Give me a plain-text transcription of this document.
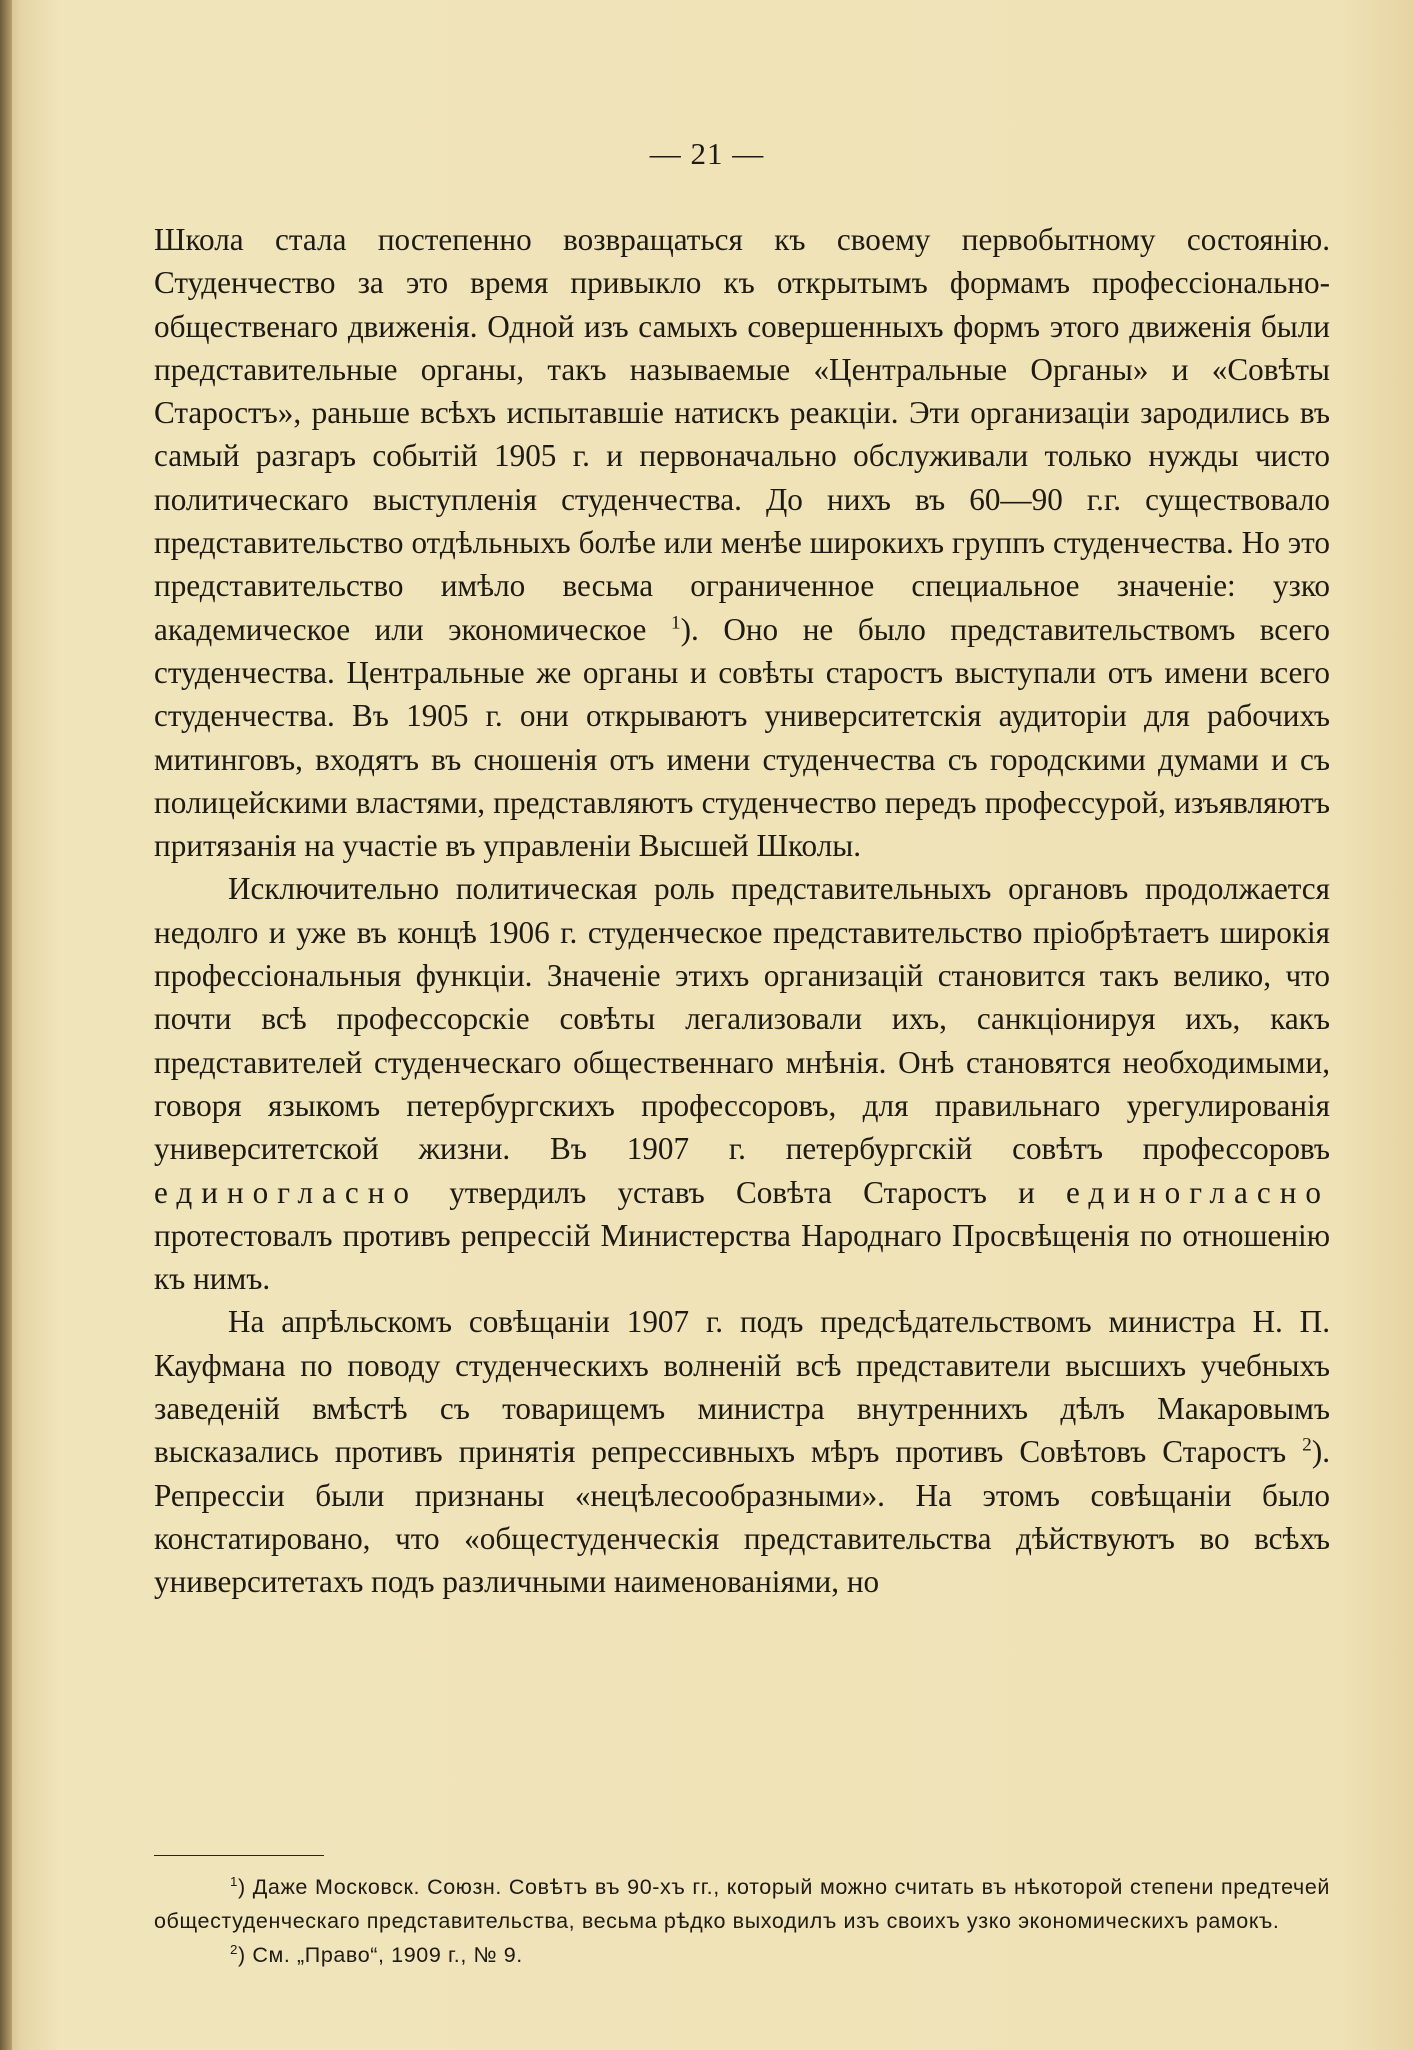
— 21 —

Школа стала постепенно возвращаться къ своему первобытному состоянію. Студенчество за это время привыкло къ открытымъ формамъ профессіонально-общественаго движенія. Одной изъ самыхъ совершенныхъ формъ этого движенія были представительные органы, такъ называемые «Центральные Органы» и «Совѣты Старостъ», раньше всѣхъ испытавшіе натискъ реакціи. Эти организаціи зародились въ самый разгаръ событій 1905 г. и первоначально обслуживали только нужды чисто политическаго выступленія студенчества. До нихъ въ 60—90 г.г. существовало представительство отдѣльныхъ болѣе или менѣе широкихъ группъ студенчества. Но это представительство имѣло весьма ограниченное специальное значеніе: узко академическое или экономическое $^1$). Оно не было представительствомъ всего студенчества. Центральные же органы и совѣты старостъ выступали отъ имени всего студенчества. Въ 1905 г. они открываютъ университетскія аудиторіи для рабочихъ митинговъ, входятъ въ сношенія отъ имени студенчества съ городскими думами и съ полицейскими властями, представляютъ студенчество передъ профессурой, изъявляютъ притязанія на участіе въ управленіи Высшей Школы.

Исключительно политическая роль представительныхъ органовъ продолжается недолго и уже въ концѣ 1906 г. студенческое представительство пріобрѣтаетъ широкія профессіональныя функціи. Значеніе этихъ организацій становится такъ велико, что почти всѣ профессорскіе совѣты легализовали ихъ, санкціонируя ихъ, какъ представителей студенческаго общественнаго мнѣнія. Онѣ становятся необходимыми, говоря языкомъ петербургскихъ профессоровъ, для правильнаго урегулированія университетской жизни. Въ 1907 г. петербургскій совѣтъ профессоровъ единогласно утвердилъ уставъ Совѣта Старостъ и единогласно протестовалъ противъ репрессій Министерства Народнаго Просвѣщенія по отношенію къ нимъ.

На апрѣльскомъ совѣщаніи 1907 г. подъ предсѣдательствомъ министра Н. П. Кауфмана по поводу студенческихъ волненій всѣ представители высшихъ учебныхъ заведеній вмѣстѣ съ товарищемъ министра внутреннихъ дѣлъ Макаровымъ высказались противъ принятія репрессивныхъ мѣръ противъ Совѣтовъ Старостъ $^2$). Репрессіи были признаны «нецѣлесообразными». На этомъ совѣщаніи было констатировано, что «общестуденческія представительства дѣйствуютъ во всѣхъ университетахъ подъ различными наименованіями, но

$^1$) Даже Московск. Союзн. Совѣтъ въ 90-хъ гг., который можно считать въ нѣкоторой степени предтечей общестуденческаго представительства, весьма рѣдко выходилъ изъ своихъ узко экономическихъ рамокъ.

$^2$) См. „Право“, 1909 г., № 9.
